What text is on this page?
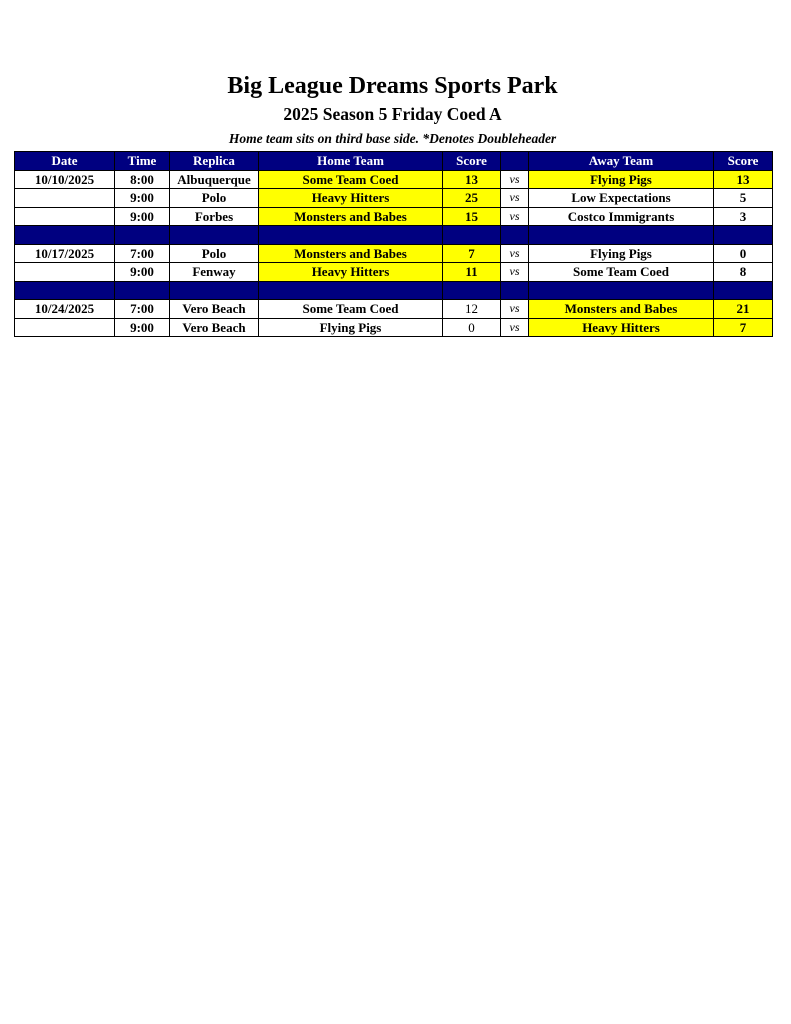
Big League Dreams Sports Park
2025 Season 5 Friday Coed A
Home team sits on third base side. *Denotes Doubleheader
Date	Time	Replica	Home Team	Score		Away Team	Score
10/10/2025	8:00	Albuquerque	Some Team Coed	13	vs	Flying Pigs	13
	9:00	Polo	Heavy Hitters	25	vs	Low Expectations	5
	9:00	Forbes	Monsters and Babes	15	vs	Costco Immigrants	3

10/17/2025	7:00	Polo	Monsters and Babes	7	vs	Flying Pigs	0
	9:00	Fenway	Heavy Hitters	11	vs	Some Team Coed	8

10/24/2025	7:00	Vero Beach	Some Team Coed	12	vs	Monsters and Babes	21
	9:00	Vero Beach	Flying Pigs	0	vs	Heavy Hitters	7
